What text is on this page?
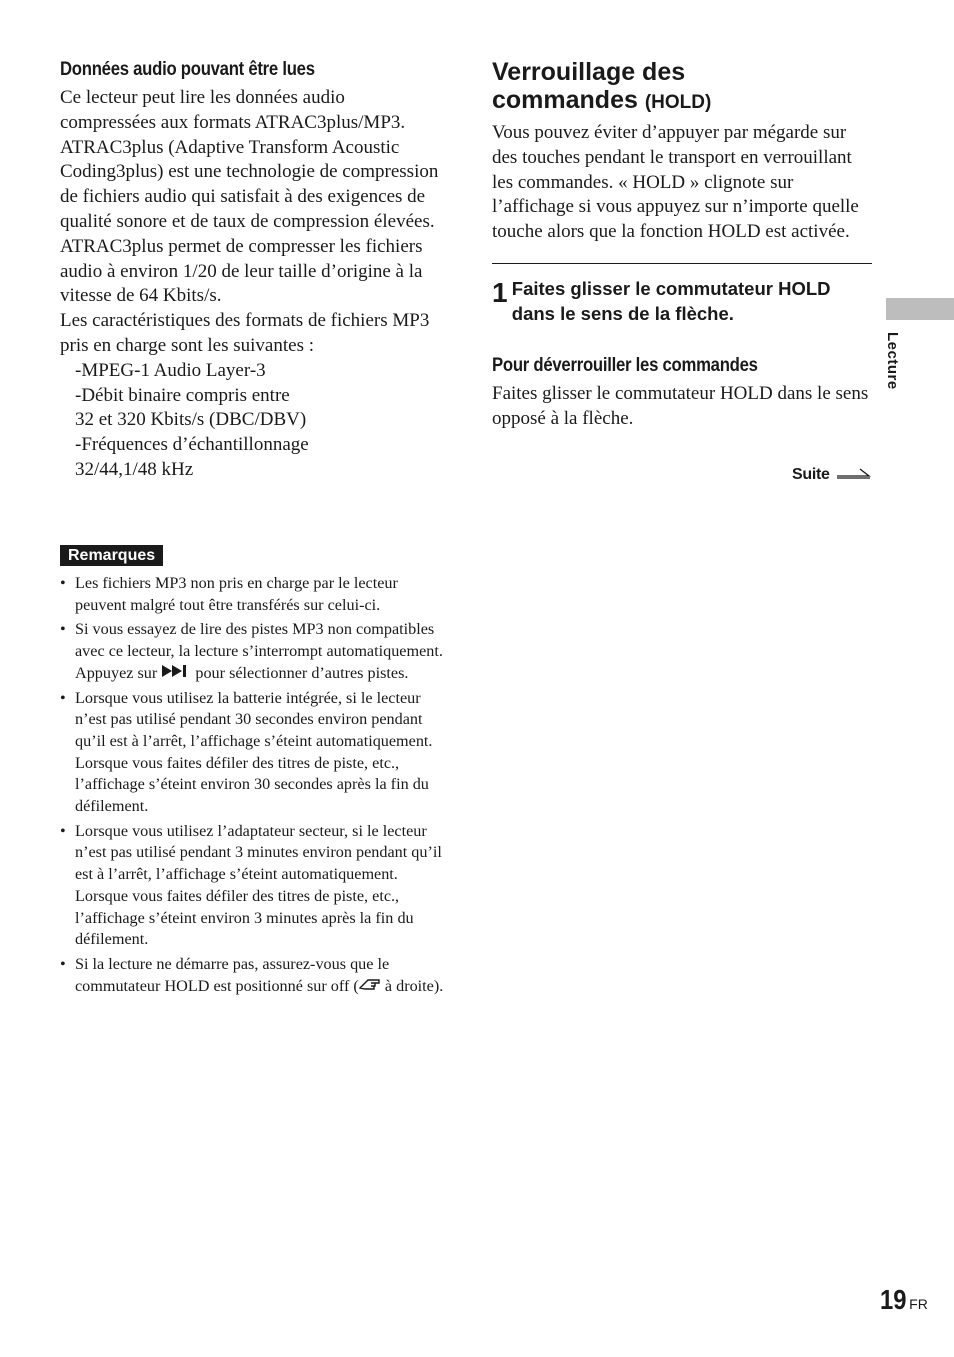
Données audio pouvant être lues

Ce lecteur peut lire les données audio compressées aux formats ATRAC3plus/MP3. ATRAC3plus (Adaptive Transform Acoustic Coding3plus) est une technologie de compression de fichiers audio qui satisfait à des exigences de qualité sonore et de taux de compression élevées.

ATRAC3plus permet de compresser les fichiers audio à environ 1/20 de leur taille d’origine à la vitesse de 64 Kbits/s.

Les caractéristiques des formats de fichiers MP3 pris en charge sont les suivantes :

-MPEG-1 Audio Layer-3

-Débit binaire compris entre

32 et 320 Kbits/s (DBC/DBV)

-Fréquences d’échantillonnage

32/44,1/48 kHz

Remarques
• Les fichiers MP3 non pris en charge par le lecteur peuvent malgré tout être transférés sur celui-ci.
• Si vous essayez de lire des pistes MP3 non compatibles avec ce lecteur, la lecture s’interrompt automatiquement. Appuyez sur pour sélectionner d’autres pistes.
• Lorsque vous utilisez la batterie intégrée, si le lecteur n’est pas utilisé pendant 30 secondes environ pendant qu’il est à l’arrêt, l’affichage s’éteint automatiquement. Lorsque vous faites défiler des titres de piste, etc., l’affichage s’éteint environ 30 secondes après la fin du défilement.
• Lorsque vous utilisez l’adaptateur secteur, si le lecteur n’est pas utilisé pendant 3 minutes environ pendant qu’il est à l’arrêt, l’affichage s’éteint automatiquement. Lorsque vous faites défiler des titres de piste, etc., l’affichage s’éteint environ 3 minutes après la fin du défilement.
• Si la lecture ne démarre pas, assurez-vous que le commutateur HOLD est positionné sur off ( à droite).
Verrouillage des
commandes (HOLD)

Vous pouvez éviter d’appuyer par mégarde sur des touches pendant le transport en verrouillant les commandes. « HOLD » clignote sur l’affichage si vous appuyez sur n’importe quelle touche alors que la fonction HOLD est activée.

1 Faites glisser le commutateur HOLD dans le sens de la flèche.
Pour déverrouiller les commandes

Faites glisser le commutateur HOLD dans le sens opposé à la flèche.

Suite
Lecture
19 FR
